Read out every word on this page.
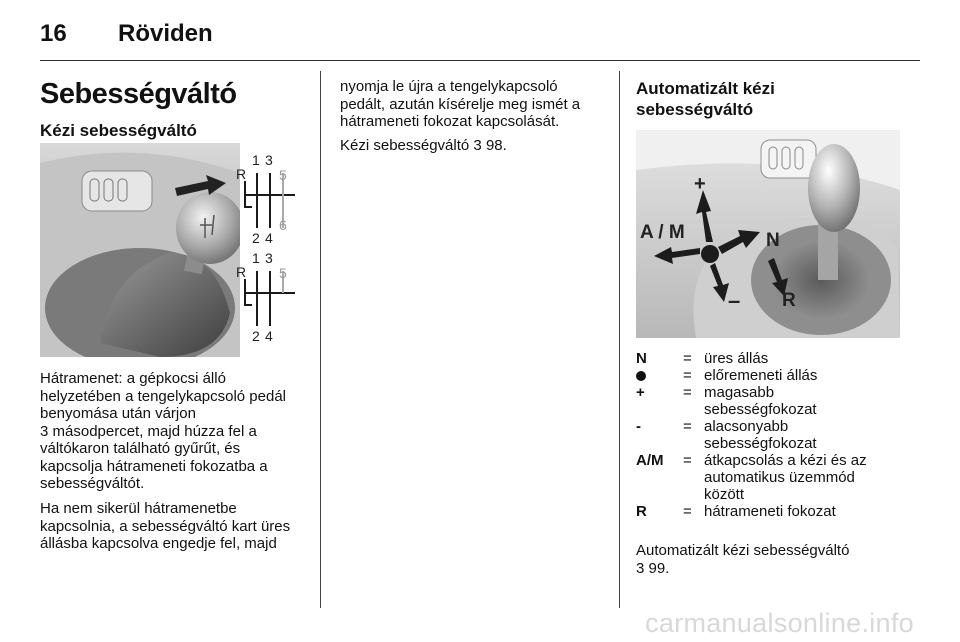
16 Röviden
Sebességváltó
Kézi sebességváltó
R
1 3
5
2 4
6
R
1 3
5
2 4
Hátramenet: a gépkocsi álló
helyzetében a tengelykapcsoló pedál
benyomása után várjon
3 másodpercet, majd húzza fel a
váltókaron található gyűrűt, és
kapcsolja hátrameneti fokozatba a
sebességváltót.
Ha nem sikerül hátramenetbe
kapcsolnia, a sebességváltó kart üres
állásba kapcsolva engedje fel, majd
nyomja le újra a tengelykapcsoló
pedált, azután kísérelje meg ismét a
hátrameneti fokozat kapcsolását.
Kézi sebességváltó 3 98.
Automatizált kézi
sebességváltó
+
A / M	N
– R
N = üres állás
= előremeneti állás
+	= magasabb
sebességfokozat
-	= alacsonyabb
sebességfokozat
A/M = átkapcsolás a kézi és az
automatikus üzemmód
között
R = hátrameneti fokozat
Automatizált kézi sebességváltó
3 99.
carmanualsonline.info
